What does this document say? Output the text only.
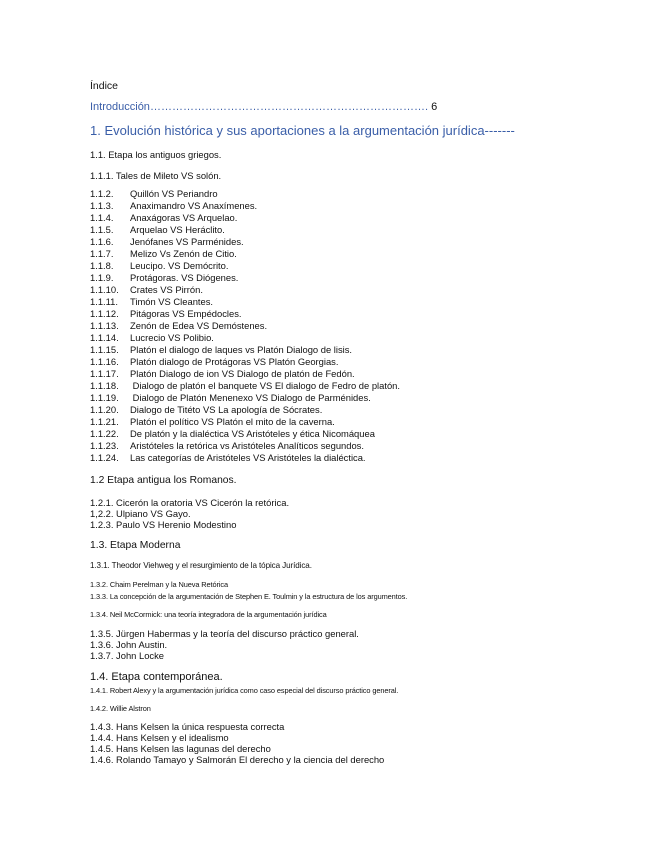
Índice
Introducción…………………………………………………………………. 6
1. Evolución histórica y sus aportaciones a la argumentación jurídica-------
1.1. Etapa los antiguos griegos.
1.1.1. Tales de Mileto VS solón.
1.1.2. Quillón VS Periandro
1.1.3. Anaximandro VS Anaxímenes.
1.1.4. Anaxágoras VS Arquelao.
1.1.5. Arquelao VS Heráclito.
1.1.6. Jenófanes VS Parménides.
1.1.7. Melizo Vs Zenón de Citio.
1.1.8. Leucipo. VS Demócrito.
1.1.9. Protágoras. VS Diógenes.
1.1.10. Crates VS Pirrón.
1.1.11. Timón VS Cleantes.
1.1.12. Pitágoras VS Empédocles.
1.1.13. Zenón de Edea VS Demóstenes.
1.1.14. Lucrecio VS Polibio.
1.1.15. Platón el dialogo de laques vs Platón Dialogo de lisis.
1.1.16. Platón dialogo de Protágoras VS Platón Georgias.
1.1.17. Platón Dialogo de ion VS Dialogo de platón de Fedón.
1.1.18. Dialogo de platón el banquete VS El dialogo de Fedro de platón.
1.1.19. Dialogo de Platón Menenexo VS Dialogo de Parménides.
1.1.20. Dialogo de Titéto VS La apología de Sócrates.
1.1.21. Platón el político VS Platón el mito de la caverna.
1.1.22. De platón y la dialéctica VS Aristóteles y ética Nicomáquea
1.1.23. Aristóteles la retórica vs Aristóteles Analíticos segundos.
1.1.24. Las categorías de Aristóteles VS Aristóteles la dialéctica.
1.2 Etapa antigua los Romanos.
1.2.1. Cicerón la oratoria VS Cicerón la retórica.
1,2.2. Ulpiano VS Gayo.
1.2.3. Paulo VS Herenio Modestino
1.3. Etapa Moderna
1.3.1. Theodor Viehweg y el resurgimiento de la tópica Jurídica.
1.3.2. Chaim Perelman y la Nueva Retórica
1.3.3. La concepción de la argumentación de Stephen E. Toulmin y la estructura de los argumentos.
1.3.4. Neil McCormick: una teoría integradora de la argumentación jurídica
1.3.5. Jürgen Habermas y la teoría del discurso práctico general.
1.3.6. John Austin.
1.3.7. John Locke
1.4. Etapa contemporánea.
1.4.1. Robert Alexy y la argumentación jurídica como caso especial del discurso práctico general.
1.4.2. Willie Alstron
1.4.3. Hans Kelsen la única respuesta correcta
1.4.4. Hans Kelsen y el idealismo
1.4.5. Hans Kelsen las lagunas del derecho
1.4.6. Rolando Tamayo y Salmorán El derecho y la ciencia del derecho
